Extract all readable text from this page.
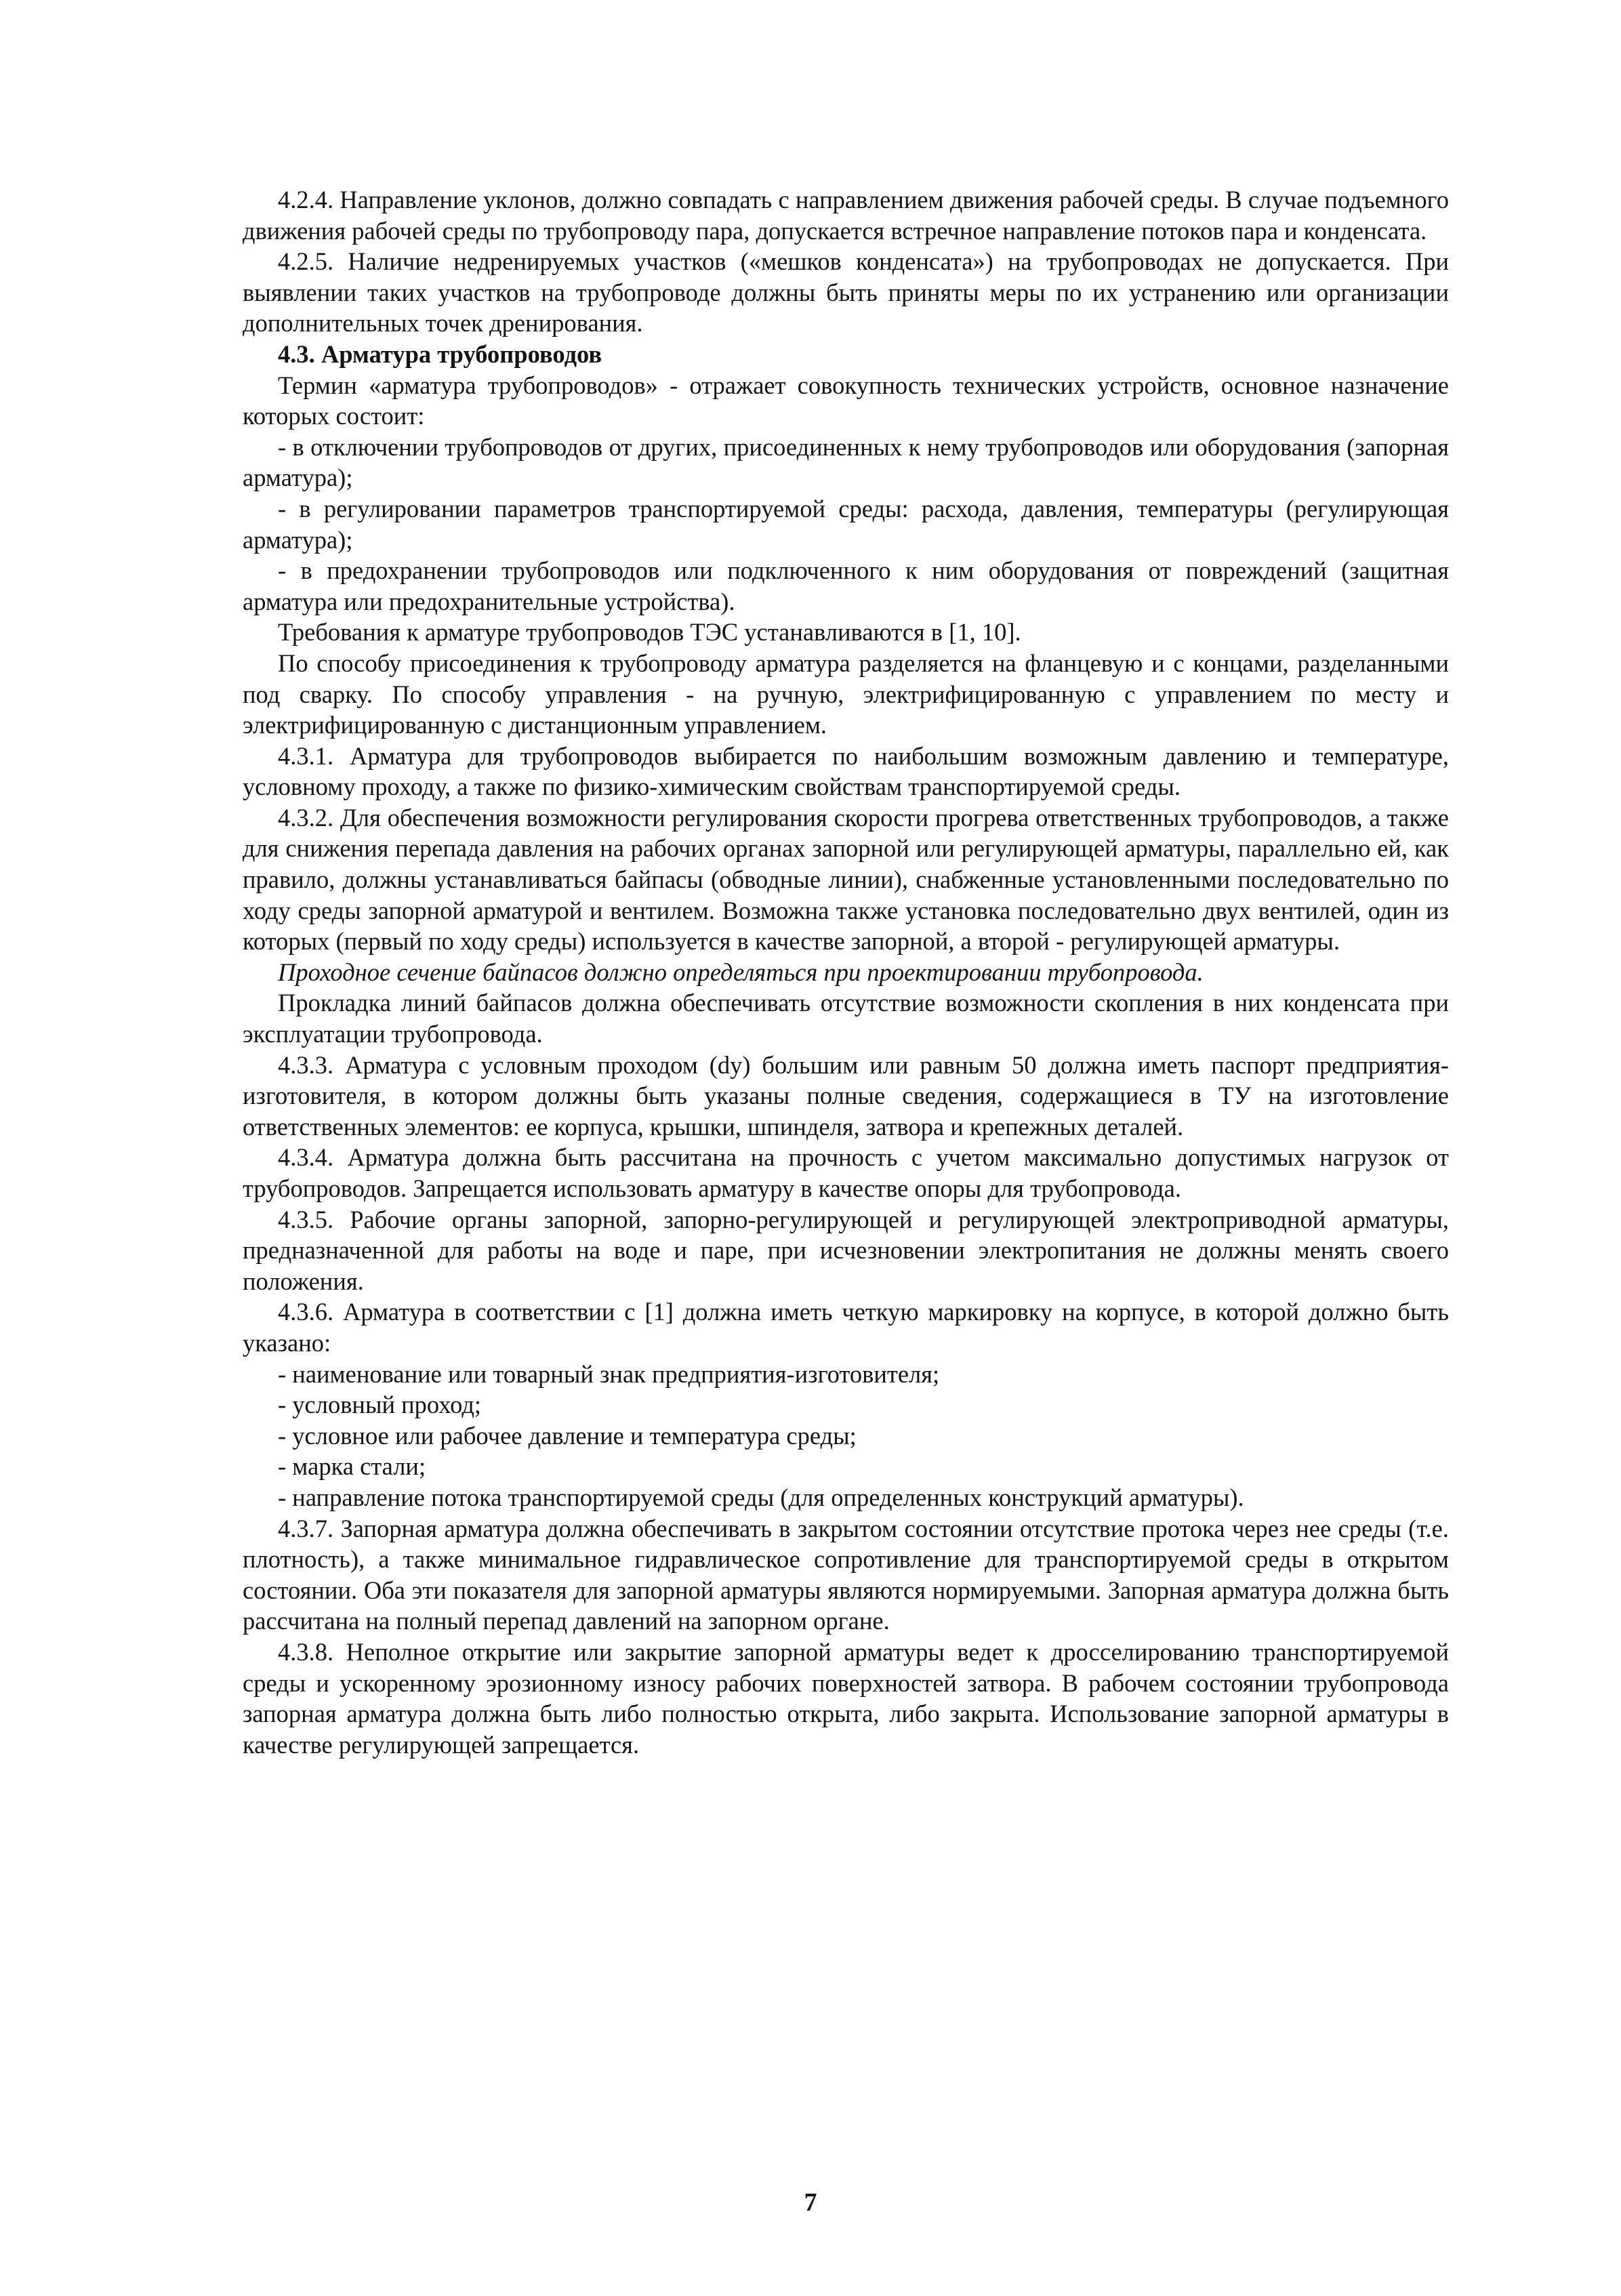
4.2.4. Направление уклонов, должно совпадать с направлением движения рабочей среды. В случае подъемного движения рабочей среды по трубопроводу пара, допускается встречное направление потоков пара и конденсата.

4.2.5. Наличие недренируемых участков («мешков конденсата») на трубопроводах не допускается. При выявлении таких участков на трубопроводе должны быть приняты меры по их устранению или организации дополнительных точек дренирования.

4.3. Арматура трубопроводов

Термин «арматура трубопроводов» - отражает совокупность технических устройств, основное назначение которых состоит:

- в отключении трубопроводов от других, присоединенных к нему трубопроводов или оборудования (запорная арматура);

- в регулировании параметров транспортируемой среды: расхода, давления, температуры (регулирующая арматура);

- в предохранении трубопроводов или подключенного к ним оборудования от повреждений (защитная арматура или предохранительные устройства).

Требования к арматуре трубопроводов ТЭС устанавливаются в [1, 10].

По способу присоединения к трубопроводу арматура разделяется на фланцевую и с концами, разделанными под сварку. По способу управления - на ручную, электрифицированную с управлением по месту и электрифицированную с дистанционным управлением.

4.3.1. Арматура для трубопроводов выбирается по наибольшим возможным давлению и температуре, условному проходу, а также по физико-химическим свойствам транспортируемой среды.

4.3.2. Для обеспечения возможности регулирования скорости прогрева ответственных трубопроводов, а также для снижения перепада давления на рабочих органах запорной или регулирующей арматуры, параллельно ей, как правило, должны устанавливаться байпасы (обводные линии), снабженные установленными последовательно по ходу среды запорной арматурой и вентилем. Возможна также установка последовательно двух вентилей, один из которых (первый по ходу среды) используется в качестве запорной, а второй - регулирующей арматуры.

Проходное сечение байпасов должно определяться при проектировании трубопровода.

Прокладка линий байпасов должна обеспечивать отсутствие возможности скопления в них конденсата при эксплуатации трубопровода.

4.3.3. Арматура с условным проходом (dy) большим или равным 50 должна иметь паспорт предприятия-изготовителя, в котором должны быть указаны полные сведения, содержащиеся в ТУ на изготовление ответственных элементов: ее корпуса, крышки, шпинделя, затвора и крепежных деталей.

4.3.4. Арматура должна быть рассчитана на прочность с учетом максимально допустимых нагрузок от трубопроводов. Запрещается использовать арматуру в качестве опоры для трубопровода.

4.3.5. Рабочие органы запорной, запорно-регулирующей и регулирующей электроприводной арматуры, предназначенной для работы на воде и паре, при исчезновении электропитания не должны менять своего положения.

4.3.6. Арматура в соответствии с [1] должна иметь четкую маркировку на корпусе, в которой должно быть указано:

- наименование или товарный знак предприятия-изготовителя;

- условный проход;

- условное или рабочее давление и температура среды;

- марка стали;

- направление потока транспортируемой среды (для определенных конструкций арматуры).

4.3.7. Запорная арматура должна обеспечивать в закрытом состоянии отсутствие протока через нее среды (т.е. плотность), а также минимальное гидравлическое сопротивление для транспортируемой среды в открытом состоянии. Оба эти показателя для запорной арматуры являются нормируемыми. Запорная арматура должна быть рассчитана на полный перепад давлений на запорном органе.

4.3.8. Неполное открытие или закрытие запорной арматуры ведет к дросселированию транспортируемой среды и ускоренному эрозионному износу рабочих поверхностей затвора. В рабочем состоянии трубопровода запорная арматура должна быть либо полностью открыта, либо закрыта. Использование запорной арматуры в качестве регулирующей запрещается.

7
